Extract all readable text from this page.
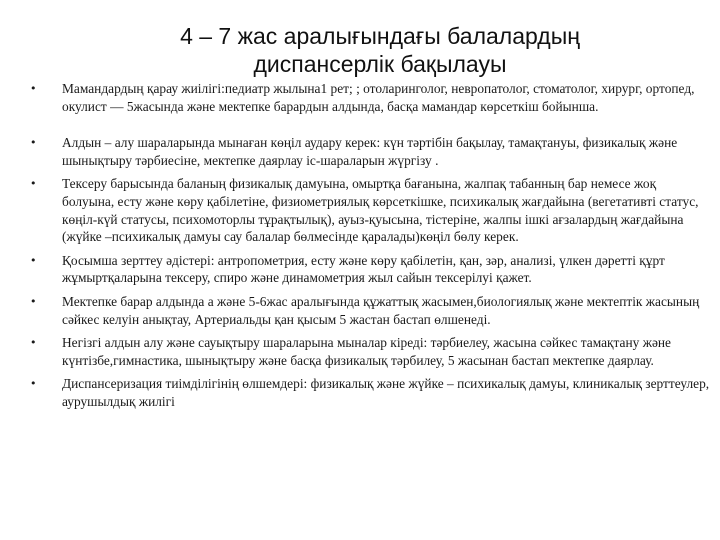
4 – 7 жас аралығындағы балалардың
диспансерлік бақылауы
• Мамандардың қарау жиілігі:педиатр жылына1 рет; ; отоларинголог, невропатолог, стоматолог, хирург, ортопед, окулист — 5жасында және мектепке барардын алдында, басқа мамандар көрсеткіш бойынша.
• Алдын – алу шараларында мынаған көңіл аудару керек: күн тәртібін бақылау, тамақтануы, физикалық және шынықтыру тәрбиесіне, мектепке даярлау іс-шараларын жүргізу .
• Тексеру барысында баланың физикалық дамуына, омыртқа бағанына, жалпақ табанның бар немесе жоқ болуына, есту және көру қабілетіне, физиометриялық көрсеткішке, психикалық жағдайына (вегетативті статус, көңіл-күй статусы, психомоторлы тұрақтылық), ауыз-қуысына, тістеріне, жалпы ішкі ағзалардың жағдайына (жүйке –психикалық дамуы сау балалар бөлмесінде қаралады)көңіл бөлу керек.
• Қосымша зерттеу әдістері: антропометрия, есту және көру қабілетін, қан, зәр, анализі, үлкен дәретті құрт жұмыртқаларына тексеру, спиро және динамометрия жыл сайын тексерілуі қажет.
• Мектепке барар алдында а және 5-6жас аралығында құжаттық жасымен,биологиялық және мектептік жасының сәйкес келуін анықтау, Артериальды қан қысым 5 жастан бастап өлшенеді.
• Негізгі алдын алу және сауықтыру шараларына мыналар кіреді: тәрбиелеу, жасына сәйкес тамақтану және күнтізбе,гимнастика, шынықтыру және басқа физикалық тәрбилеу, 5 жасынан бастап мектепке даярлау.
• Диспансеризация тиімділігінің өлшемдері: физикалық және жүйке – психикалық дамуы, клиникалық зерттеулер, аурушылдық жилігі
